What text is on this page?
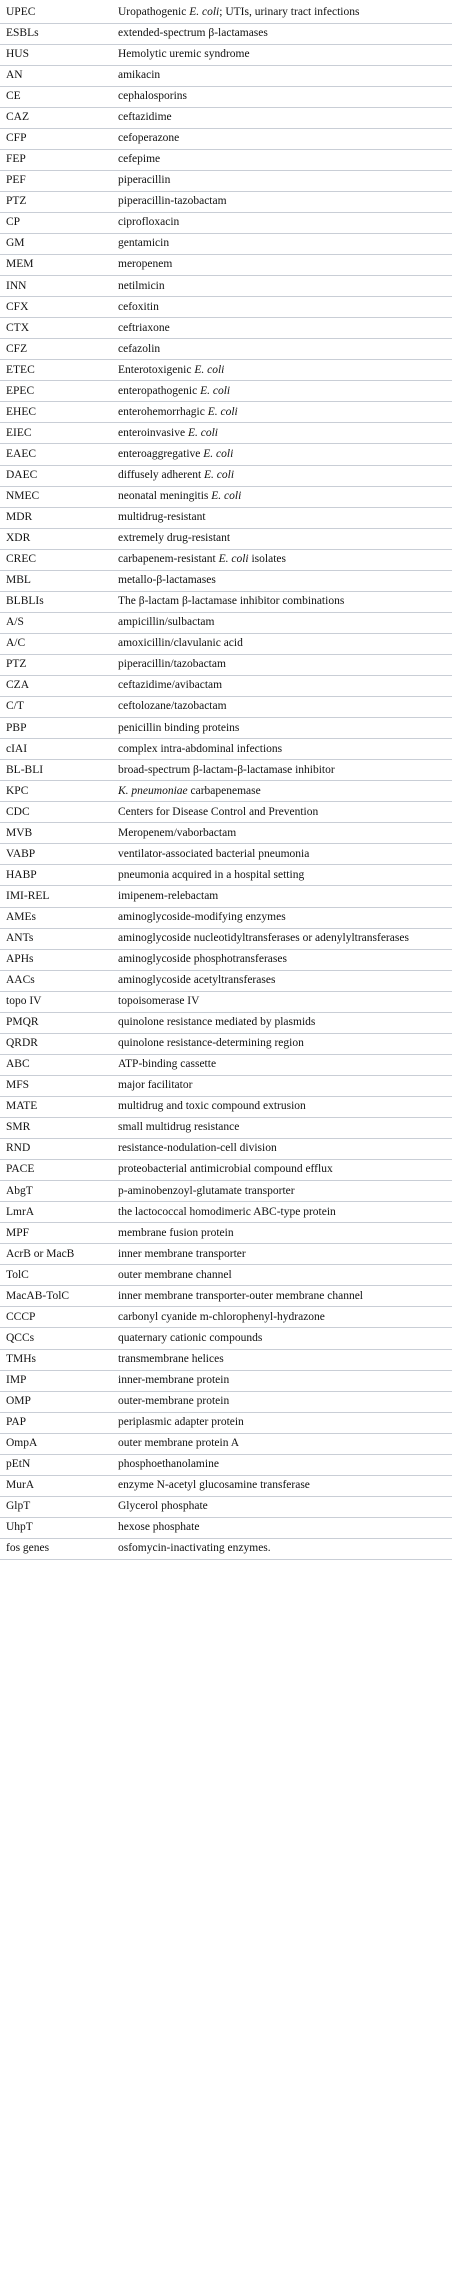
UPEC	Uropathogenic E. coli; UTIs, urinary tract infections
ESBLs	extended-spectrum β-lactamases
HUS	Hemolytic uremic syndrome
AN	amikacin
CE	cephalosporins
CAZ	ceftazidime
CFP	cefoperazone
FEP	cefepime
PEF	piperacillin
PTZ	piperacillin-tazobactam
CP	ciprofloxacin
GM	gentamicin
MEM	meropenem
INN	netilmicin
CFX	cefoxitin
CTX	ceftriaxone
CFZ	cefazolin
ETEC	Enterotoxigenic E. coli
EPEC	enteropathogenic E. coli
EHEC	enterohemorrhagic E. coli
EIEC	enteroinvasive E. coli
EAEC	enteroaggregative E. coli
DAEC	diffusely adherent E. coli
NMEC	neonatal meningitis E. coli
MDR	multidrug-resistant
XDR	extremely drug-resistant
CREC	carbapenem-resistant E. coli isolates
MBL	metallo-β-lactamases
BLBLIs	The β-lactam β-lactamase inhibitor combinations
A/S	ampicillin/sulbactam
A/C	amoxicillin/clavulanic acid
PTZ	piperacillin/tazobactam
CZA	ceftazidime/avibactam
C/T	ceftolozane/tazobactam
PBP	penicillin binding proteins
cIAI	complex intra-abdominal infections
BL-BLI	broad-spectrum β-lactam-β-lactamase inhibitor
KPC	K. pneumoniae carbapenemase
CDC	Centers for Disease Control and Prevention
MVB	Meropenem/vaborbactam
VABP	ventilator-associated bacterial pneumonia
HABP	pneumonia acquired in a hospital setting
IMI-REL	imipenem-relebactam
AMEs	aminoglycoside-modifying enzymes
ANTs	aminoglycoside nucleotidyltransferases or adenylyltransferases
APHs	aminoglycoside phosphotransferases
AACs	aminoglycoside acetyltransferases
topo IV	topoisomerase IV
PMQR	quinolone resistance mediated by plasmids
QRDR	quinolone resistance-determining region
ABC	ATP-binding cassette
MFS	major facilitator
MATE	multidrug and toxic compound extrusion
SMR	small multidrug resistance
RND	resistance-nodulation-cell division
PACE	proteobacterial antimicrobial compound efflux
AbgT	p-aminobenzoyl-glutamate transporter
LmrA	the lactococcal homodimeric ABC-type protein
MPF	membrane fusion protein
AcrB or MacB	inner membrane transporter
TolC	outer membrane channel
MacAB-TolC	inner membrane transporter-outer membrane channel
CCCP	carbonyl cyanide m-chlorophenyl-hydrazone
QCCs	quaternary cationic compounds
TMHs	transmembrane helices
IMP	inner-membrane protein
OMP	outer-membrane protein
PAP	periplasmic adapter protein
OmpA	outer membrane protein A
pEtN	phosphoethanolamine
MurA	enzyme N-acetyl glucosamine transferase
GlpT	Glycerol phosphate
UhpT	hexose phosphate
fos genes	osfomycin-inactivating enzymes.
